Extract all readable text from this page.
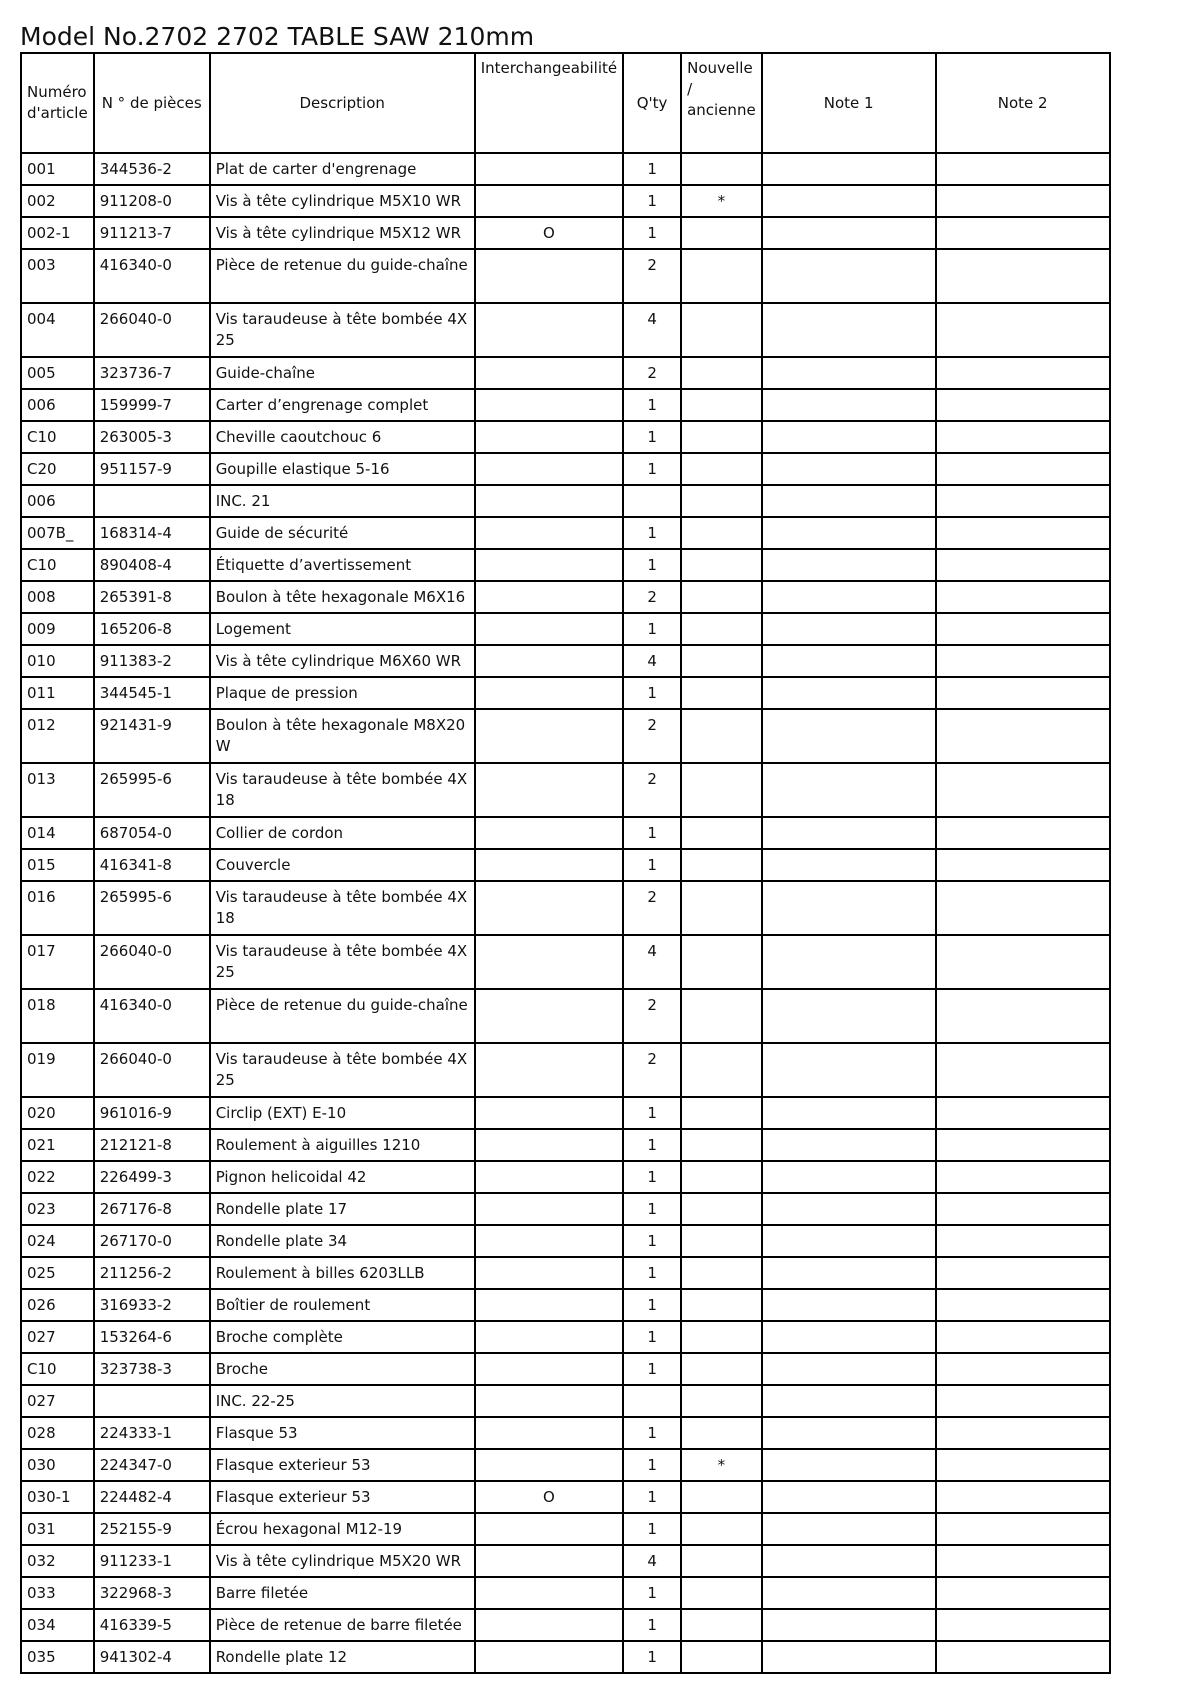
Model No.2702 2702 TABLE SAW 210mm
Numéro d'article	N ° de pièces	Description	Interchangeabilité	Q'ty	Nouvelle / ancienne	Note 1	Note 2
001	344536-2	Plat de carter d'engrenage		1			
002	911208-0	Vis à tête cylindrique M5X10 WR		1	*		
002-1	911213-7	Vis à tête cylindrique M5X12 WR	O	1			
003	416340-0	Pièce de retenue du guide-chaîne		2			
004	266040-0	Vis taraudeuse à tête bombée 4X25		4			
005	323736-7	Guide-chaîne		2			
006	159999-7	Carter d’engrenage complet		1			
C10	263005-3	Cheville caoutchouc 6		1			
C20	951157-9	Goupille elastique 5-16		1			
006		INC. 21					
007B_	168314-4	Guide de sécurité		1			
C10	890408-4	Étiquette d’avertissement		1			
008	265391-8	Boulon à tête hexagonale M6X16		2			
009	165206-8	Logement		1			
010	911383-2	Vis à tête cylindrique M6X60 WR		4			
011	344545-1	Plaque de pression		1			
012	921431-9	Boulon à tête hexagonale M8X20 W		2			
013	265995-6	Vis taraudeuse à tête bombée 4X18		2			
014	687054-0	Collier de cordon		1			
015	416341-8	Couvercle		1			
016	265995-6	Vis taraudeuse à tête bombée 4X18		2			
017	266040-0	Vis taraudeuse à tête bombée 4X25		4			
018	416340-0	Pièce de retenue du guide-chaîne		2			
019	266040-0	Vis taraudeuse à tête bombée 4X25		2			
020	961016-9	Circlip (EXT) E-10		1			
021	212121-8	Roulement à aiguilles 1210		1			
022	226499-3	Pignon helicoidal 42		1			
023	267176-8	Rondelle plate 17		1			
024	267170-0	Rondelle plate 34		1			
025	211256-2	Roulement à billes 6203LLB		1			
026	316933-2	Boîtier de roulement		1			
027	153264-6	Broche complète		1			
C10	323738-3	Broche		1			
027		INC. 22-25					
028	224333-1	Flasque 53		1			
030	224347-0	Flasque exterieur 53		1	*		
030-1	224482-4	Flasque exterieur 53	O	1			
031	252155-9	Écrou hexagonal M12-19		1			
032	911233-1	Vis à tête cylindrique M5X20 WR		4			
033	322968-3	Barre filetée		1			
034	416339-5	Pièce de retenue de barre filetée		1			
035	941302-4	Rondelle plate 12		1			
